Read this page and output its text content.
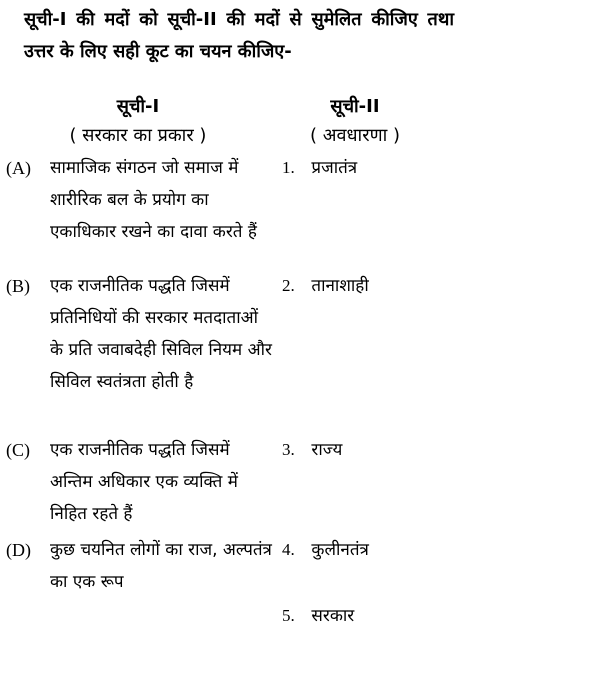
सूची-I की मदों को सूची-II की मदों से सुमेलित कीजिए तथा उत्तर के लिए सही कूट का चयन कीजिए-
सूची-I
( सरकार का प्रकार )
सूची-II
( अवधारणा )
(A)	सामाजिक संगठन जो समाज में शारीरिक बल के प्रयोग का एकाधिकार रखने का दावा करते हैं
1. प्रजातंत्र
(B)	एक राजनीतिक पद्धति जिसमें प्रतिनिधियों की सरकार मतदाताओं के प्रति जवाबदेही सिविल नियम और सिविल स्वतंत्रता होती है
2. तानाशाही
(C)	एक राजनीतिक पद्धति जिसमें अन्तिम अधिकार एक व्यक्ति में निहित रहते हैं
3. राज्य
(D)	कुछ चयनित लोगों का राज, अल्पतंत्र का एक रूप
4. कुलीनतंत्र
5. सरकार
